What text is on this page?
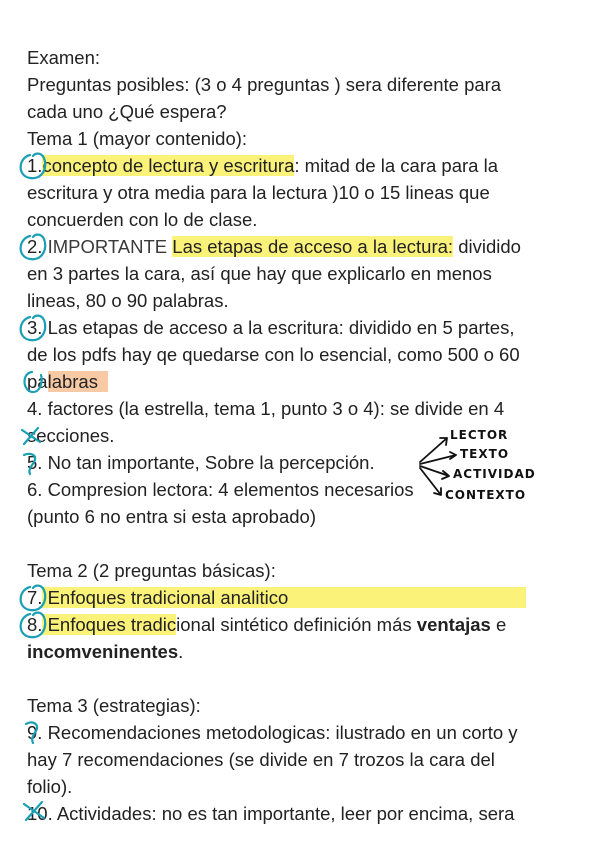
Examen:
Preguntas posibles: (3 o 4 preguntas ) sera diferente para
cada uno ¿Qué espera?
Tema 1 (mayor contenido):
1.concepto de lectura y escritura: mitad de la cara para la
escritura y otra media para la lectura )10 o 15 lineas que
concuerden con lo de clase.
2. IMPORTANTE Las etapas de acceso a la lectura: dividido
en 3 partes la cara, así que hay que explicarlo en menos
lineas, 80 o 90 palabras.
3. Las etapas de acceso a la escritura: dividido en 5 partes,
de los pdfs hay qe quedarse con lo esencial, como 500 o 60
palabras
4. factores (la estrella, tema 1, punto 3 o 4): se divide en 4
secciones.
5. No tan importante, Sobre la percepción.
6. Compresion lectora: 4 elementos necesarios
(punto 6 no entra si esta aprobado)
LECTOR
TEXTO
ACTIVIDAD
CONTEXTO
Tema 2 (2 preguntas básicas):
7. Enfoques tradicional analitico
8. Enfoques tradicional sintético definición más ventajas e
incomveninentes.
Tema 3 (estrategias):
9. Recomendaciones metodologicas: ilustrado en un corto y
hay 7 recomendaciones (se divide en 7 trozos la cara del
folio).
10. Actividades: no es tan importante, leer por encima, sera
